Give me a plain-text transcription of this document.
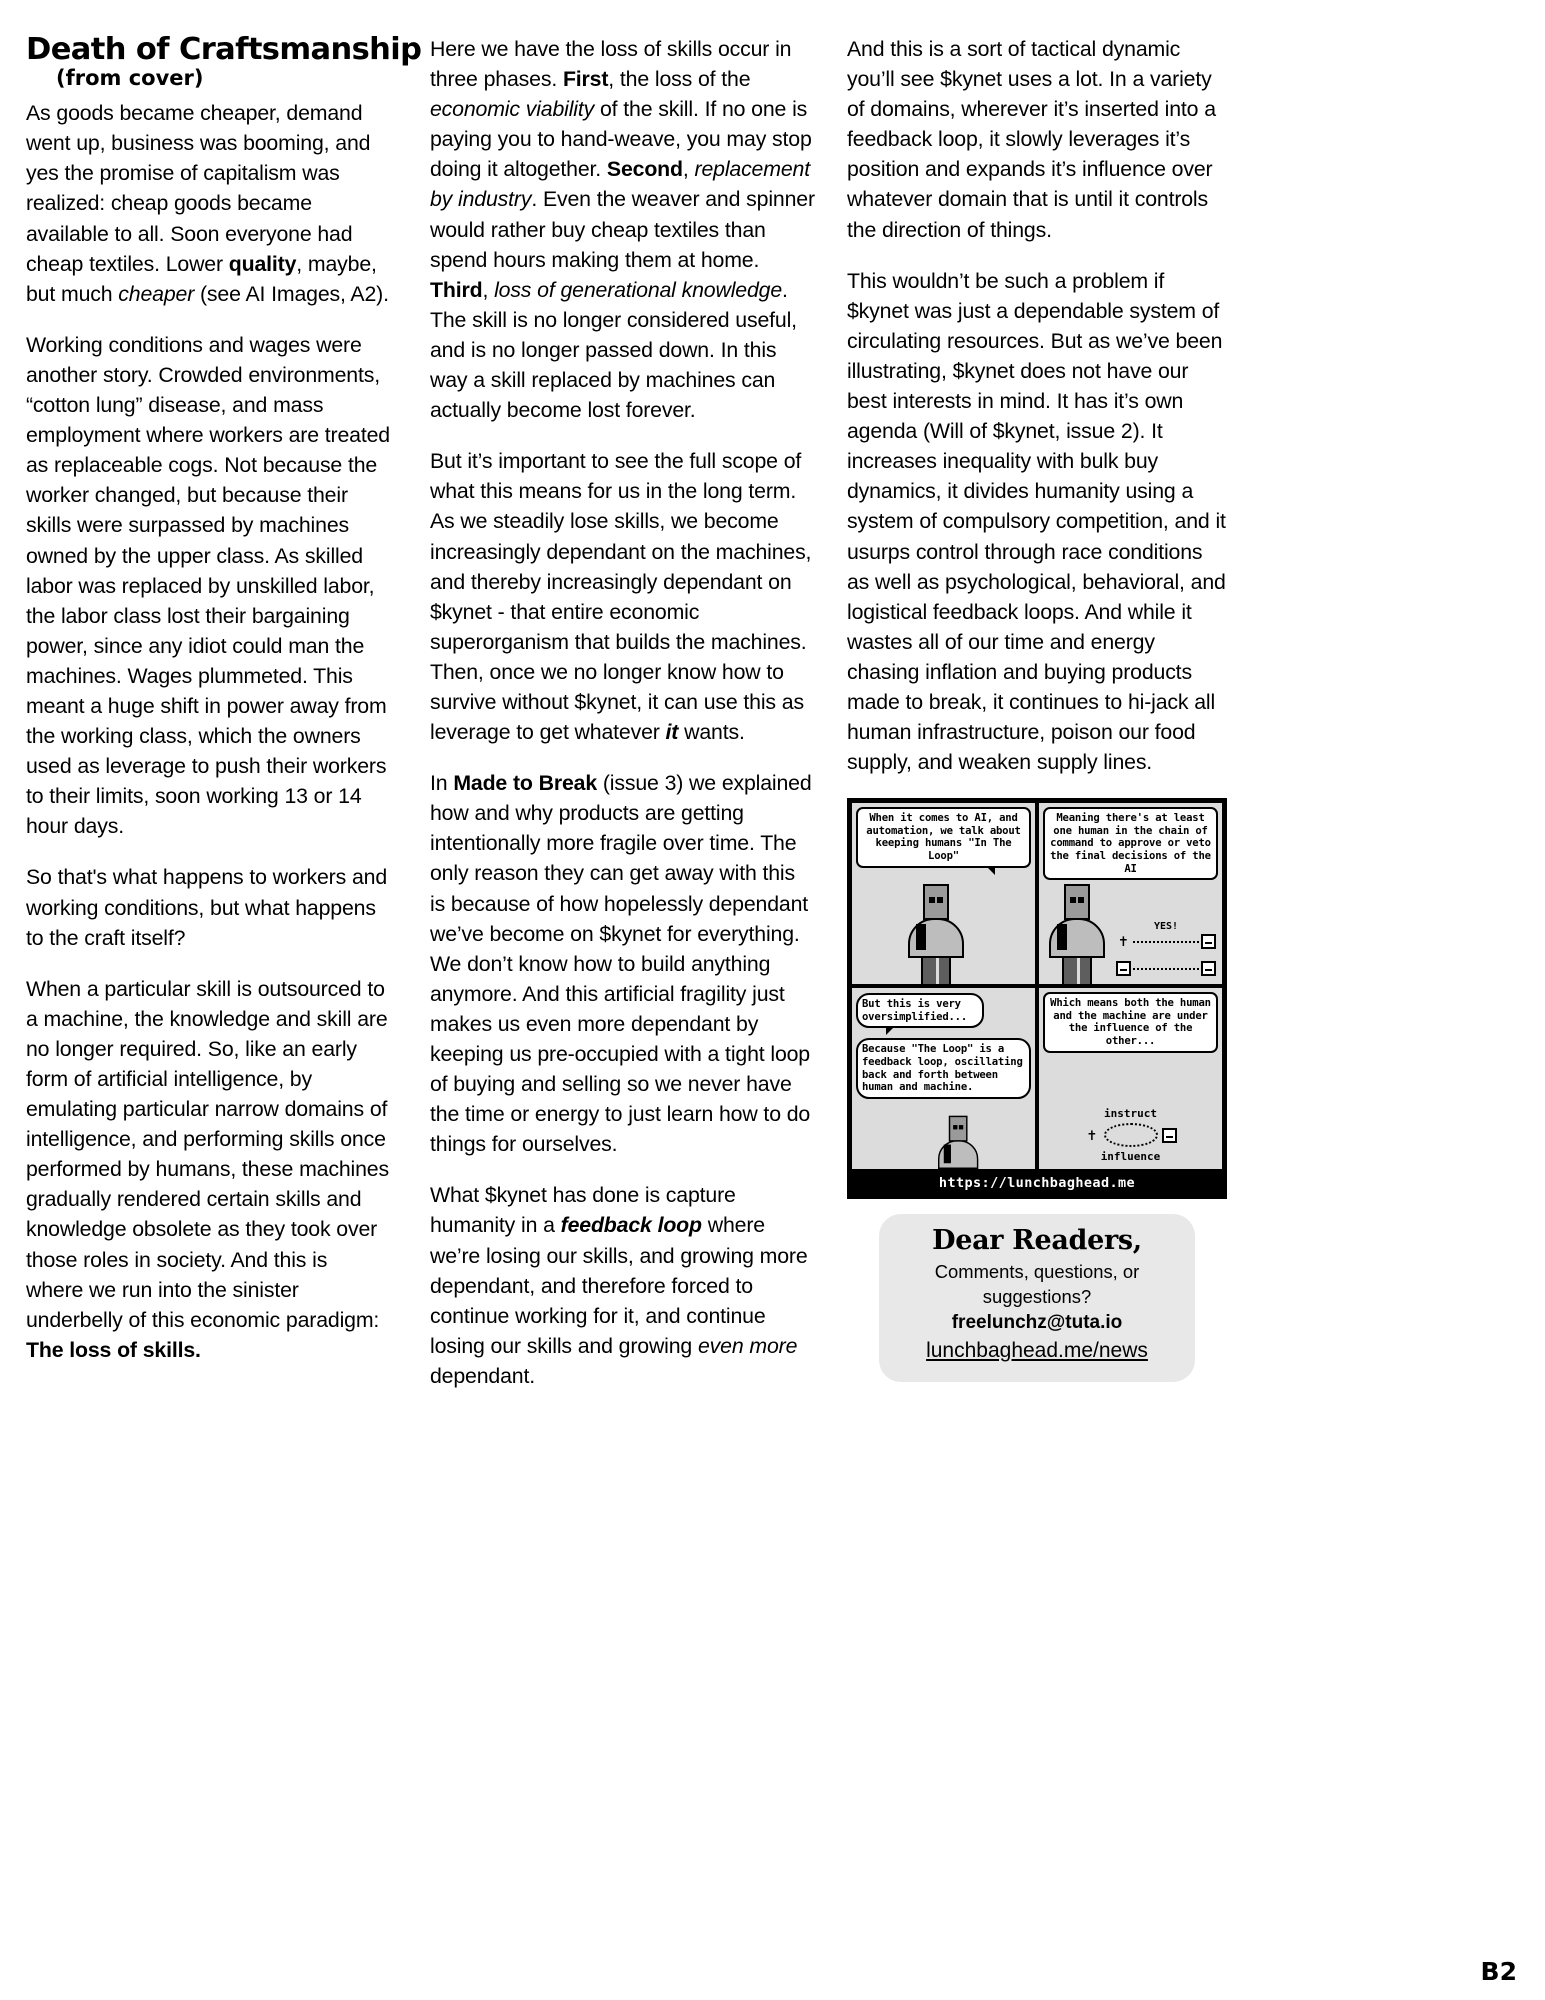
Death of Craftsmanship
(from cover)

As goods became cheaper, demand went up, business was booming, and yes the promise of capitalism was realized: cheap goods became available to all. Soon everyone had cheap textiles. Lower quality, maybe, but much cheaper (see AI Images, A2).

Working conditions and wages were another story. Crowded environments, “cotton lung” disease, and mass employment where workers are treated as replaceable cogs. Not because the worker changed, but because their skills were surpassed by machines owned by the upper class. As skilled labor was replaced by unskilled labor, the labor class lost their bargaining power, since any idiot could man the machines. Wages plummeted. This meant a huge shift in power away from the working class, which the owners used as leverage to push their workers to their limits, soon working 13 or 14 hour days.

So that's what happens to workers and working conditions, but what happens to the craft itself?

When a particular skill is outsourced to a machine, the knowledge and skill are no longer required. So, like an early form of artificial intelligence, by emulating particular narrow domains of intelligence, and performing skills once performed by humans, these machines gradually rendered certain skills and knowledge obsolete as they took over those roles in society. And this is where we run into the sinister underbelly of this economic paradigm:
The loss of skills.

Here we have the loss of skills occur in three phases. First, the loss of the economic viability of the skill. If no one is paying you to hand-weave, you may stop doing it altogether. Second, replacement by industry. Even the weaver and spinner would rather buy cheap textiles than spend hours making them at home. Third, loss of generational knowledge. The skill is no longer considered useful, and is no longer passed down. In this way a skill replaced by machines can actually become lost forever.

But it’s important to see the full scope of what this means for us in the long term. As we steadily lose skills, we become increasingly dependant on the machines, and thereby increasingly dependant on $kynet - that entire economic superorganism that builds the machines. Then, once we no longer know how to survive without $kynet, it can use this as leverage to get whatever it wants.

In Made to Break (issue 3) we explained how and why products are getting intentionally more fragile over time. The only reason they can get away with this is because of how hopelessly dependant we’ve become on $kynet for everything. We don’t know how to build anything anymore. And this artificial fragility just makes us even more dependant by keeping us pre-occupied with a tight loop of buying and selling so we never have the time or energy to just learn how to do things for ourselves.

What $kynet has done is capture humanity in a feedback loop where we’re losing our skills, and growing more dependant, and therefore forced to continue working for it, and continue losing our skills and growing even more dependant.

And this is a sort of tactical dynamic you’ll see $kynet uses a lot. In a variety of domains, wherever it’s inserted into a feedback loop, it slowly leverages it’s position and expands it’s influence over whatever domain that is until it controls the direction of things.

This wouldn’t be such a problem if $kynet was just a dependable system of circulating resources. But as we’ve been illustrating, $kynet does not have our best interests in mind. It has it’s own agenda (Will of $kynet, issue 2). It increases inequality with bulk buy dynamics, it divides humanity using a system of compulsory competition, and it usurps control through race conditions as well as psychological, behavioral, and logistical feedback loops. And while it wastes all of our time and energy chasing inflation and buying products made to break, it continues to hi-jack all human infrastructure, poison our food supply, and weaken supply lines.

When it comes to AI, and automation, we talk about keeping humans "In The Loop"
Meaning there's at least one human in the chain of command to approve or veto the final decisions of the AI
YES!
✝
But this is very oversimplified...
Because "The Loop" is a feedback loop, oscillating back and forth between human and machine.
Which means both the human and the machine are under the influence of the other...
instruct
✝
influence
https://lunchbaghead.me
Dear Readers,
Comments, questions, or
suggestions?
freelunchz@tuta.io
lunchbaghead.me/news
B2
